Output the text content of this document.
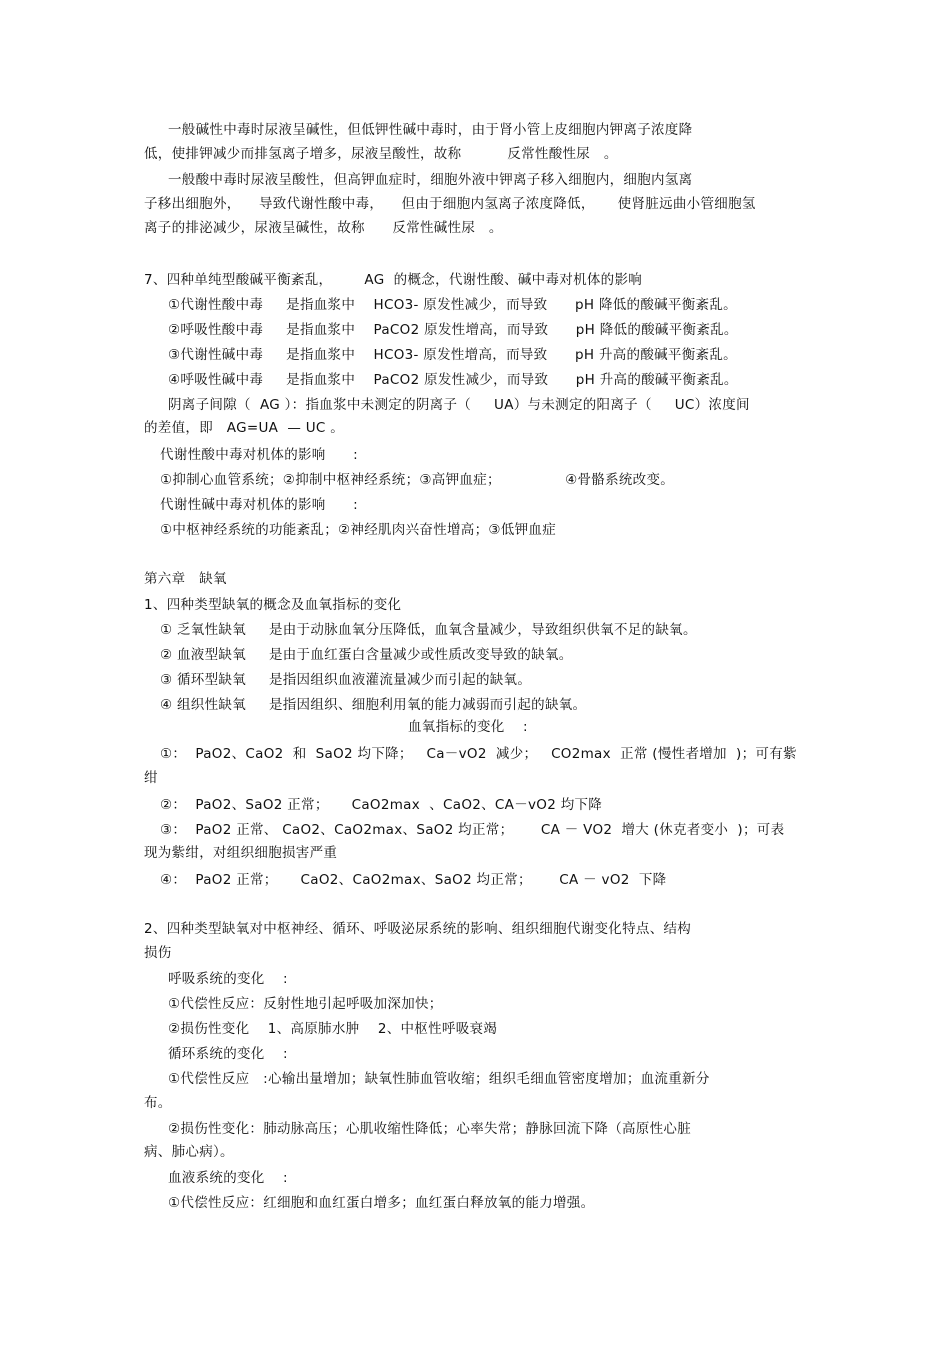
一般碱性中毒时尿液呈碱性，但低钾性碱中毒时，由于肾小管上皮细胞内钾离子浓度降
低，使排钾减少而排氢离子增多，尿液呈酸性，故称          反常性酸性尿   。
一般酸中毒时尿液呈酸性，但高钾血症时，细胞外液中钾离子移入细胞内，细胞内氢离
子移出细胞外，    导致代谢性酸中毒，    但由于细胞内氢离子浓度降低，     使肾脏远曲小管细胞氢
离子的排泌减少，尿液呈碱性，故称      反常性碱性尿   。
7、四种单纯型酸碱平衡紊乱，       AG  的概念，代谢性酸、碱中毒对机体的影响
①代谢性酸中毒     是指血浆中    HCO3- 原发性减少，而导致      pH 降低的酸碱平衡紊乱。
②呼吸性酸中毒     是指血浆中    PaCO2 原发性增高，而导致      pH 降低的酸碱平衡紊乱。
③代谢性碱中毒     是指血浆中    HCO3- 原发性增高，而导致      pH 升高的酸碱平衡紊乱。
④呼吸性碱中毒     是指血浆中    PaCO2 原发性减少，而导致      pH 升高的酸碱平衡紊乱。
阴离子间隙（  AG ）：指血浆中未测定的阴离子（     UA）与未测定的阳离子（     UC）浓度间
的差值，即   AG=UA  — UC 。
代谢性酸中毒对机体的影响      :
①抑制心血管系统；②抑制中枢神经系统；③高钾血症；              ④骨骼系统改变。
代谢性碱中毒对机体的影响      :
①中枢神经系统的功能紊乱；②神经肌肉兴奋性增高；③低钾血症
第六章   缺氧
1、四种类型缺氧的概念及血氧指标的变化
① 乏氧性缺氧     是由于动脉血氧分压降低，血氧含量减少，导致组织供氧不足的缺氧。
② 血液型缺氧     是由于血红蛋白含量减少或性质改变导致的缺氧。
③ 循环型缺氧     是指因组织血液灌流量减少而引起的缺氧。
④ 组织性缺氧     是指因组织、细胞利用氧的能力减弱而引起的缺氧。
血氧指标的变化    :
①：  PaO2、CaO2  和  SaO2 均下降；   Ca－vO2  减少；   CO2max  正常 (慢性者增加  )；可有紫
绀
②：  PaO2、SaO2 正常；     CaO2max  、CaO2、CA－vO2 均下降
③：  PaO2 正常、 CaO2、CaO2max、SaO2 均正常；      CA － VO2  增大 (休克者变小  )；可表
现为紫绀，对组织细胞损害严重
④：  PaO2 正常；     CaO2、CaO2max、SaO2 均正常；      CA － vO2  下降
2、四种类型缺氧对中枢神经、循环、呼吸泌尿系统的影响、组织细胞代谢变化特点、结构
损伤
呼吸系统的变化    :
①代偿性反应：反射性地引起呼吸加深加快；
②损伤性变化    1、高原肺水肿    2、中枢性呼吸衰竭
循环系统的变化    :
①代偿性反应   :心输出量增加；缺氧性肺血管收缩；组织毛细血管密度增加；血流重新分
布。
②损伤性变化：肺动脉高压；心肌收缩性降低；心率失常；静脉回流下降（高原性心脏
病、肺心病）。
血液系统的变化    :
①代偿性反应：红细胞和血红蛋白增多；血红蛋白释放氧的能力增强。
